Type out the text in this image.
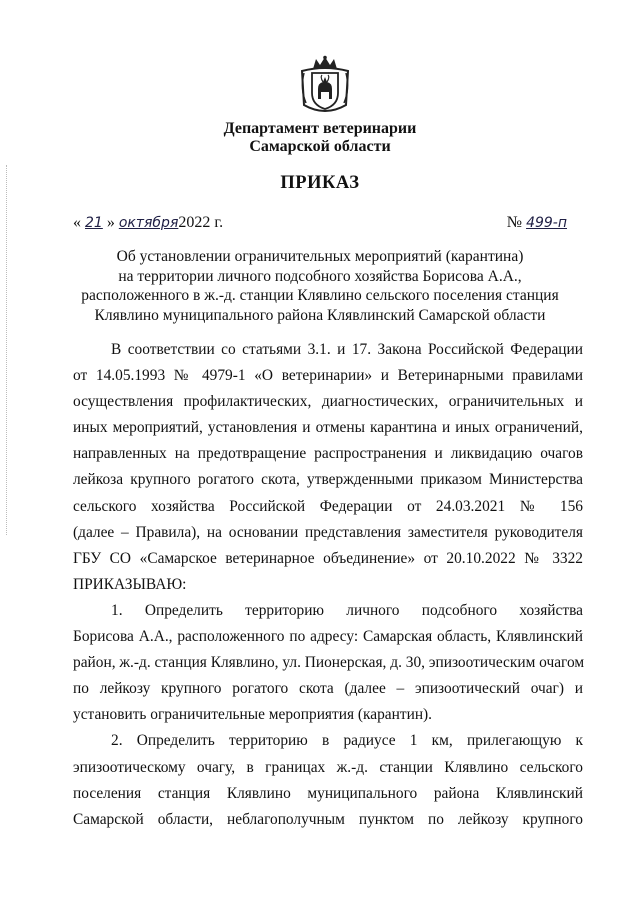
Департамент ветеринарии
Самарской области
ПРИКАЗ
« 21 » октября2022 г.	№ 499-п
Об установлении ограничительных мероприятий (карантина)
на территории личного подсобного хозяйства Борисова А.А.,
расположенного в ж.-д. станции Клявлино сельского поселения станция
Клявлино муниципального района Клявлинский Самарской области
В соответствии со статьями 3.1. и 17. Закона Российской Федерации
от 14.05.1993 № 4979-1 «О ветеринарии» и Ветеринарными правилами
осуществления профилактических, диагностических, ограничительных и
иных мероприятий, установления и отмены карантина и иных ограничений,
направленных на предотвращение распространения и ликвидацию очагов
лейкоза крупного рогатого скота, утвержденными приказом Министерства
сельского хозяйства Российской Федерации от 24.03.2021 № 156
(далее – Правила), на основании представления заместителя руководителя
ГБУ СО «Самарское ветеринарное объединение» от 20.10.2022 № 3322
ПРИКАЗЫВАЮ:
1. Определить территорию личного подсобного хозяйства
Борисова А.А., расположенного по адресу: Самарская область, Клявлинский
район, ж.-д. станция Клявлино, ул. Пионерская, д. 30, эпизоотическим очагом
по лейкозу крупного рогатого скота (далее – эпизоотический очаг) и
установить ограничительные мероприятия (карантин).
2. Определить территорию в радиусе 1 км, прилегающую к
эпизоотическому очагу, в границах ж.-д. станции Клявлино сельского
поселения станция Клявлино муниципального района Клявлинский
Самарской области, неблагополучным пунктом по лейкозу крупного
